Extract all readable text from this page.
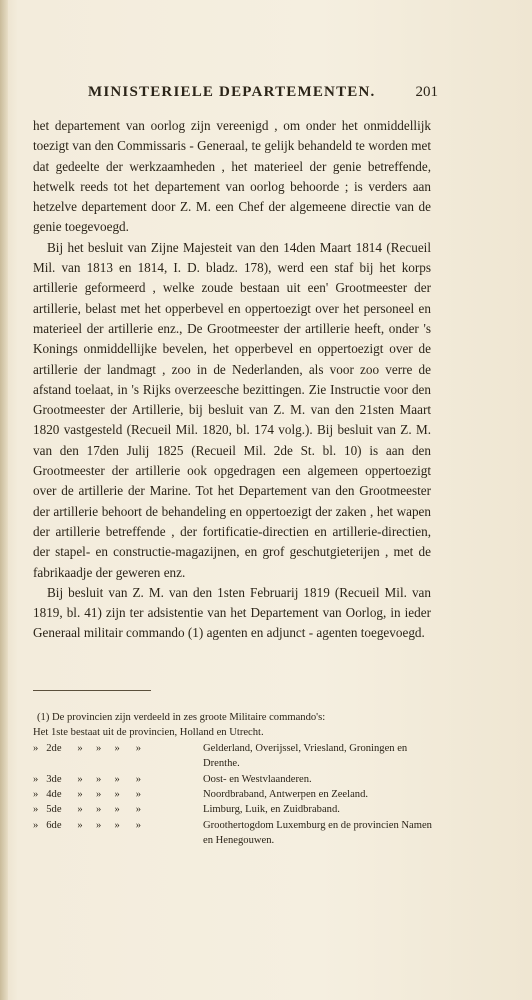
MINISTERIELE DEPARTEMENTEN.	201

het departement van oorlog zijn vereenigd , om onder het onmiddellijk toezigt van den Commissaris - Generaal, te gelijk behandeld te worden met dat gedeelte der werkzaamheden , het materieel der genie betreffende, hetwelk reeds tot het departement van oorlog behoorde ; is verders aan hetzelve departement door Z. M. een Chef der algemeene directie van de genie toegevoegd.

Bij het besluit van Zijne Majesteit van den 14den Maart 1814 (Recueil Mil. van 1813 en 1814, I. D. bladz. 178), werd een staf bij het korps artillerie geformeerd , welke zoude bestaan uit een' Grootmeester der artillerie, belast met het opperbevel en oppertoezigt over het personeel en materieel der artillerie enz., De Grootmeester der artillerie heeft, onder 's Konings onmiddellijke bevelen, het opperbevel en oppertoezigt over de artillerie der landmagt , zoo in de Nederlanden, als voor zoo verre de afstand toelaat, in 's Rijks overzeesche bezittingen. Zie Instructie voor den Grootmeester der Artillerie, bij besluit van Z. M. van den 21sten Maart 1820 vastgesteld (Recueil Mil. 1820, bl. 174 volg.). Bij besluit van Z. M. van den 17den Julij 1825 (Recueil Mil. 2de St. bl. 10) is aan den Grootmeester der artillerie ook opgedragen een algemeen oppertoezigt over de artillerie der Marine. Tot het Departement van den Grootmeester der artillerie behoort de behandeling en oppertoezigt der zaken , het wapen der artillerie betreffende , der fortificatie-directien en artillerie-directien, der stapel- en constructie-magazijnen, en grof geschutgieterijen , met de fabrikaadje der geweren enz.

Bij besluit van Z. M. van den 1sten Februarij 1819 (Recueil Mil. van 1819, bl. 41) zijn ter adsistentie van het Departement van Oorlog, in ieder Generaal militair commando (1) agenten en adjunct - agenten toegevoegd.

(1) De provincien zijn verdeeld in zes groote Militaire commando's:
Het 1ste bestaat uit de provincien, Holland en Utrecht.
»   2de      »     »     »      »	Gelderland, Overijssel, Vriesland, Groningen en Drenthe.
»   3de      »     »     »      »	Oost- en Westvlaanderen.
»   4de      »     »     »      »	Noordbraband, Antwerpen en Zeeland.
»   5de      »     »     »      »	Limburg, Luik, en Zuidbraband.
»   6de      »     »     »      »	Groothertogdom Luxemburg en de provincien Namen en Henegouwen.
